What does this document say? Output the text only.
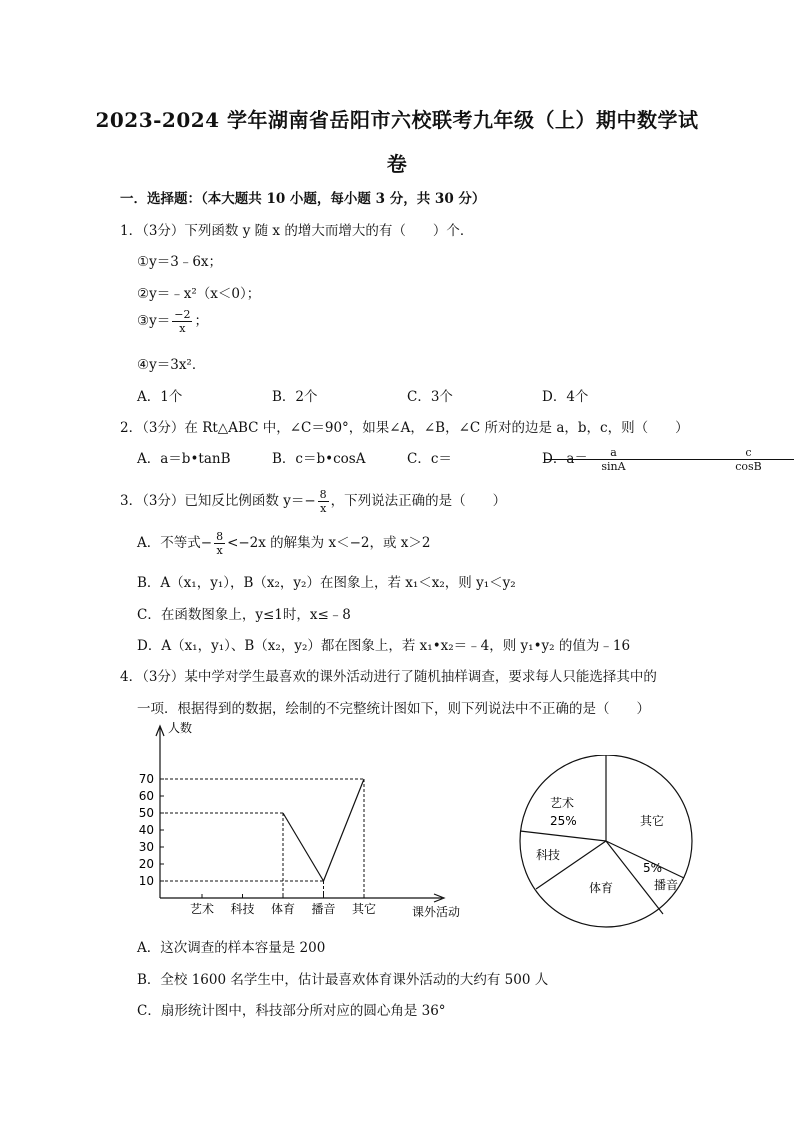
2023-2024 学年湖南省岳阳市六校联考九年级（上）期中数学试
卷
一．选择题：（本大题共 10 小题，每小题 3 分，共 30 分）
1．（3分）下列函数 y 随 x 的增大而增大的有（　　）个．
①y＝3﹣6x；
②y＝﹣x²（x＜0）；
③y＝ $\frac{-2}{x}$ ；
④y＝3x²．
A．1个	B．2个	C．3个	D．4个
2．（3分）在 Rt△ABC 中，∠C＝90°，如果∠A，∠B，∠C 所对的边是 a，b，c，则（　　）
A．a＝b•tanB	B．c＝b•cosA	C．c＝	$\frac{a}{\sin A}$
D．a＝	$\frac{c}{\cos B}$
3．（3分）已知反比例函数 $y=- \frac{8}{x}$ ，下列说法正确的是（　　）
A．不等式− $\frac{8}{x} <-2x$ 的解集为 x＜−2，或 x＞2
B．A（x₁，y₁），B（x₂，y₂）在图象上，若 x₁＜x₂，则 y₁＜y₂
C．在函数图象上，y≤1时，x≤﹣8
D．A（x₁，y₁）、B（x₂，y₂）都在图象上，若 x₁•x₂＝﹣4，则 y₁•y₂ 的值为﹣16
4．（3分）某中学对学生最喜欢的课外活动进行了随机抽样调查，要求每人只能选择其中的
一项．根据得到的数据，绘制的不完整统计图如下，则下列说法中不正确的是（　　）
人数
课外活动
10
20
30
40
50
60
70
艺术 科技 体育 播音 其它
艺术
25%	其它
5%
播音
体育
科技
A．这次调查的样本容量是 200
B．全校 1600 名学生中，估计最喜欢体育课外活动的大约有 500 人
C．扇形统计图中，科技部分所对应的圆心角是 36°
